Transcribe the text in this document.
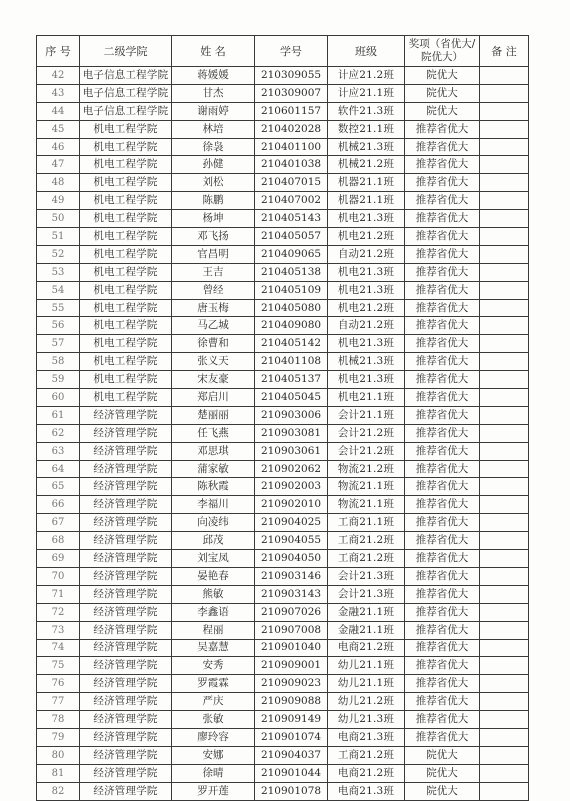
序 号	二级学院	姓 名	学号	班级	奖项（省优大/院优大）	备 注
42	电子信息工程学院	蒋媛媛	210309055	计应21.2班	院优大	
43	电子信息工程学院	甘杰	210309007	计应21.1班	院优大	
44	电子信息工程学院	谢雨婷	210601157	软件21.3班	院优大	
45	机电工程学院	林培	210402028	数控21.1班	推荐省优大	
46	机电工程学院	徐袅	210401100	机械21.3班	推荐省优大	
47	机电工程学院	孙健	210401038	机械21.2班	推荐省优大	
48	机电工程学院	刘松	210407015	机器21.1班	推荐省优大	
49	机电工程学院	陈鹏	210407002	机器21.1班	推荐省优大	
50	机电工程学院	杨坤	210405143	机电21.3班	推荐省优大	
51	机电工程学院	邓飞扬	210405057	机电21.2班	推荐省优大	
52	机电工程学院	官昌明	210409065	自动21.2班	推荐省优大	
53	机电工程学院	王吉	210405138	机电21.3班	推荐省优大	
54	机电工程学院	曾经	210405109	机电21.3班	推荐省优大	
55	机电工程学院	唐玉梅	210405080	机电21.2班	推荐省优大	
56	机电工程学院	马乙城	210409080	自动21.2班	推荐省优大	
57	机电工程学院	徐曹和	210405142	机电21.3班	推荐省优大	
58	机电工程学院	张义天	210401108	机械21.3班	推荐省优大	
59	机电工程学院	宋友豪	210405137	机电21.3班	推荐省优大	
60	机电工程学院	郑启川	210405045	机电21.1班	推荐省优大	
61	经济管理学院	楚丽丽	210903006	会计21.1班	推荐省优大	
62	经济管理学院	任飞燕	210903081	会计21.2班	推荐省优大	
63	经济管理学院	邓思琪	210903061	会计21.2班	推荐省优大	
64	经济管理学院	蒲家敏	210902062	物流21.2班	推荐省优大	
65	经济管理学院	陈秋霞	210902003	物流21.1班	推荐省优大	
66	经济管理学院	李福川	210902010	物流21.1班	推荐省优大	
67	经济管理学院	向凌纬	210904025	工商21.1班	推荐省优大	
68	经济管理学院	邱茂	210904055	工商21.2班	推荐省优大	
69	经济管理学院	刘宝凤	210904050	工商21.2班	推荐省优大	
70	经济管理学院	晏艳春	210903146	会计21.3班	推荐省优大	
71	经济管理学院	熊敏	210903143	会计21.3班	推荐省优大	
72	经济管理学院	李鑫语	210907026	金融21.1班	推荐省优大	
73	经济管理学院	程丽	210907008	金融21.1班	推荐省优大	
74	经济管理学院	吴嘉慧	210901040	电商21.2班	推荐省优大	
75	经济管理学院	安秀	210909001	幼儿21.1班	推荐省优大	
76	经济管理学院	罗霞霖	210909023	幼儿21.1班	推荐省优大	
77	经济管理学院	严庆	210909088	幼儿21.2班	推荐省优大	
78	经济管理学院	张敏	210909149	幼儿21.3班	推荐省优大	
79	经济管理学院	廖玲容	210901074	电商21.3班	推荐省优大	
80	经济管理学院	安娜	210904037	工商21.2班	院优大	
81	经济管理学院	徐晴	210901044	电商21.2班	院优大	
82	经济管理学院	罗开莲	210901078	电商21.3班	院优大	
